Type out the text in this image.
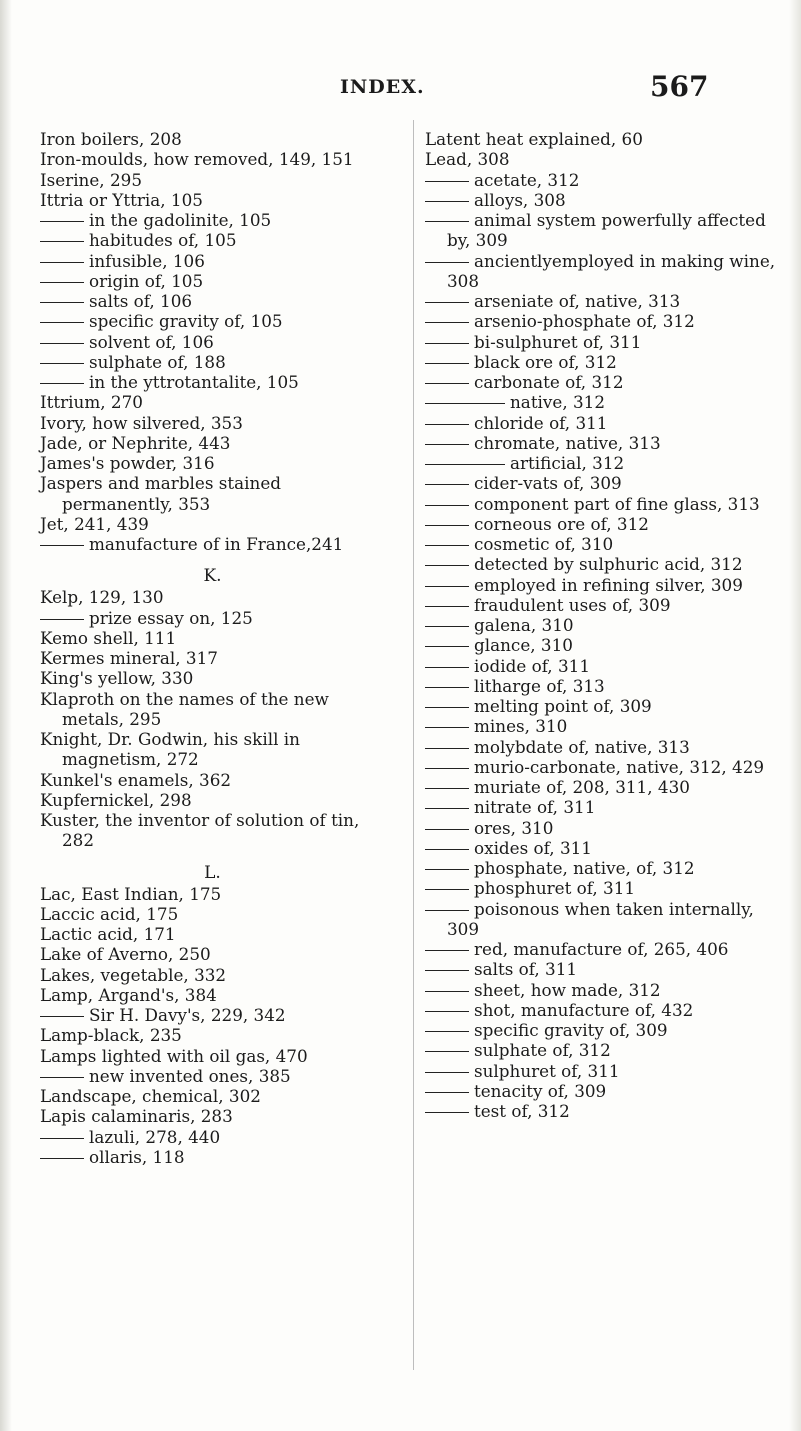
INDEX.	567
Iron boilers, 208
Iron-moulds, how removed, 149, 151
Iserine, 295
Ittria or Yttria, 105
in the gadolinite, 105
habitudes of, 105
infusible, 106
origin of, 105
salts of, 106
specific gravity of, 105
solvent of, 106
sulphate of, 188
in the yttrotantalite, 105
Ittrium, 270
Ivory, how silvered, 353
Jade, or Nephrite, 443
James's powder, 316
Jaspers and marbles stained permanently, 353
Jet, 241, 439
manufacture of in France,241
K.
Kelp, 129, 130
prize essay on, 125
Kemo shell, 111
Kermes mineral, 317
King's yellow, 330
Klaproth on the names of the new metals, 295
Knight, Dr. Godwin, his skill in magnetism, 272
Kunkel's enamels, 362
Kupfernickel, 298
Kuster, the inventor of solution of tin, 282
L.
Lac, East Indian, 175
Laccic acid, 175
Lactic acid, 171
Lake of Averno, 250
Lakes, vegetable, 332
Lamp, Argand's, 384
Sir H. Davy's, 229, 342
Lamp-black, 235
Lamps lighted with oil gas, 470
new invented ones, 385
Landscape, chemical, 302
Lapis calaminaris, 283
lazuli, 278, 440
ollaris, 118
Latent heat explained, 60
Lead, 308
acetate, 312
alloys, 308
animal system powerfully affected by, 309
ancientlyemployed in making wine, 308
arseniate of, native, 313
arsenio-phosphate of, 312
bi-sulphuret of, 311
black ore of, 312
carbonate of, 312
native, 312
chloride of, 311
chromate, native, 313
artificial, 312
cider-vats of, 309
component part of fine glass, 313
corneous ore of, 312
cosmetic of, 310
detected by sulphuric acid, 312
employed in refining silver, 309
fraudulent uses of, 309
galena, 310
glance, 310
iodide of, 311
litharge of, 313
melting point of, 309
mines, 310
molybdate of, native, 313
murio-carbonate, native, 312, 429
muriate of, 208, 311, 430
nitrate of, 311
ores, 310
oxides of, 311
phosphate, native, of, 312
phosphuret of, 311
poisonous when taken internally, 309
red, manufacture of, 265, 406
salts of, 311
sheet, how made, 312
shot, manufacture of, 432
specific gravity of, 309
sulphate of, 312
sulphuret of, 311
tenacity of, 309
test of, 312
